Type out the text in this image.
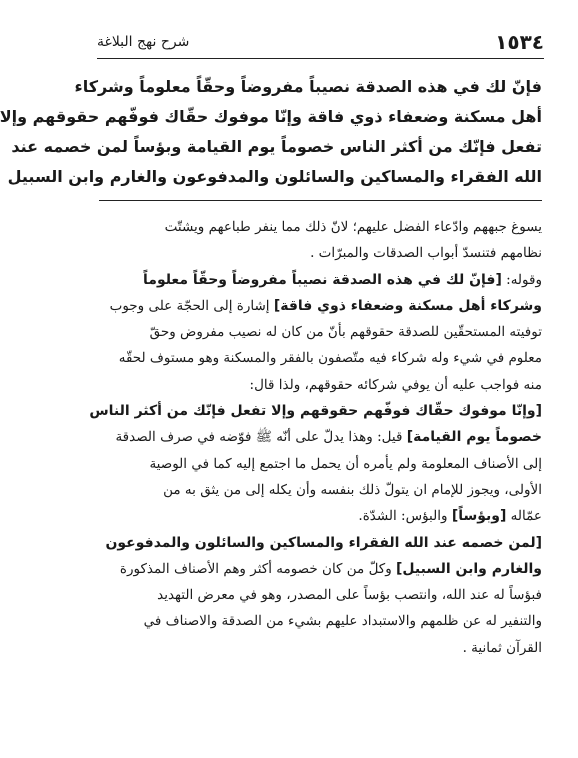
١٥٣٤
شرح نهج البلاغة
فإنّ لك في هذه الصدقة نصيباً مفروضاً وحقّاً معلوماً وشركاء
أهل مسكنة وضعفاء ذوي فاقة وإنّا موفوك حقّاك فوفّهم حقوقهم وإلا
تفعل فإنّك من أكثر الناس خصوماً يوم القيامة وبؤساً لمن خصمه عند
الله الفقراء والمساكين والسائلون والمدفوعون والغارم وابن السبيل
يسوغ جبههم وادّعاء الفضل عليهم؛ لانّ ذلك مما ينفر طباعهم ويشتّت
نظامهم فتنسدّ أبواب الصدقات والمبرّات .
وقوله: [فإنّ لك في هذه الصدقة نصيباً مفروضاً وحقّاً معلوماً
وشركاء أهل مسكنة وضعفاء ذوي فاقة] إشارة إلى الحجّة على وجوب
توفيته المستحقّين للصدقة حقوقهم بأنّ من كان له نصيب مفروض وحقّ
معلوم في شيء وله شركاء فيه متّصفون بالفقر والمسكنة وهو مستوف لحقّه
منه فواجب عليه أن يوفي شركائه حقوقهم، ولذا قال:
[وإنّا موفوك حقّاك فوفّهم حقوقهم وإلا تفعل فإنّك من أكثر الناس
خصوماً يوم القيامة] قيل: وهذا يدلّ على أنّه ﷺ فوّضه في صرف الصدقة
إلى الأصناف المعلومة ولم يأمره أن يحمل ما اجتمع إليه كما في الوصية
الأولى، ويجوز للإمام ان يتولّ ذلك بنفسه وأن يكله إلى من يثق به من
عمّاله [وبؤساً] والبؤس: الشدّة.
[لمن خصمه عند الله الفقراء والمساكين والسائلون والمدفوعون
والغارم وابن السبيل] وكلّ من كان خصومه أكثر وهم الأصناف المذكورة
فبؤساً له عند الله، وانتصب بؤساً على المصدر، وهو في معرض التهديد
والتنفير له عن ظلمهم والاستبداد عليهم بشيء من الصدقة والاصناف في
القرآن ثمانية .
